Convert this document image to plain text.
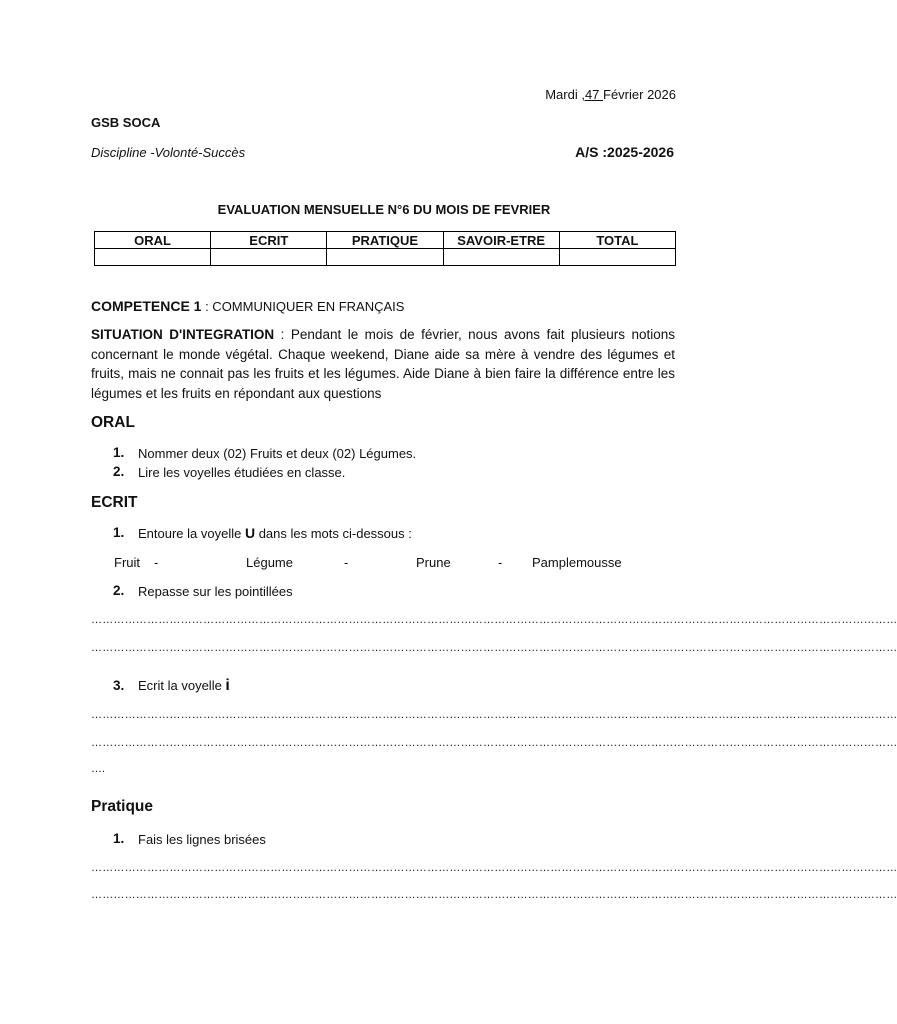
Mardi ,47 Février 2026
GSB SOCA
Discipline -Volonté-Succès	A/S :2025-2026
EVALUATION MENSUELLE N°6 DU MOIS DE FEVRIER
ORAL	ECRIT	PRATIQUE	SAVOIR-ETRE	TOTAL

COMPETENCE 1 : COMMUNIQUER EN FRANÇAIS
SITUATION D'INTEGRATION : Pendant le mois de février, nous avons fait plusieurs notions concernant le monde végétal. Chaque weekend, Diane aide sa mère à vendre des légumes et fruits, mais ne connait pas les fruits et les légumes. Aide Diane à bien faire la différence entre les légumes et les fruits en répondant aux questions
ORAL
1. Nommer deux (02) Fruits et deux (02) Légumes.
2. Lire les voyelles étudiées en classe.
ECRIT
1. Entoure la voyelle U dans les mots ci-dessous :
Fruit -	Légume	-	Prune	- Pamplemousse
2. Repasse sur les pointillées
………………………………………………………………………………………………………………………………………………………………………………………………
………………………………………………………………………………………………………………………………………………………………………………………………
3. Ecrit la voyelle i
………………………………………………………………………………………………………………………………………………………………………………………………
………………………………………………………………………………………………………………………………………………………………………………………………
….
Pratique
1. Fais les lignes brisées
………………………………………………………………………………………………………………………………………………………………………………………………
………………………………………………………………………………………………………………………………………………………………………………………………
